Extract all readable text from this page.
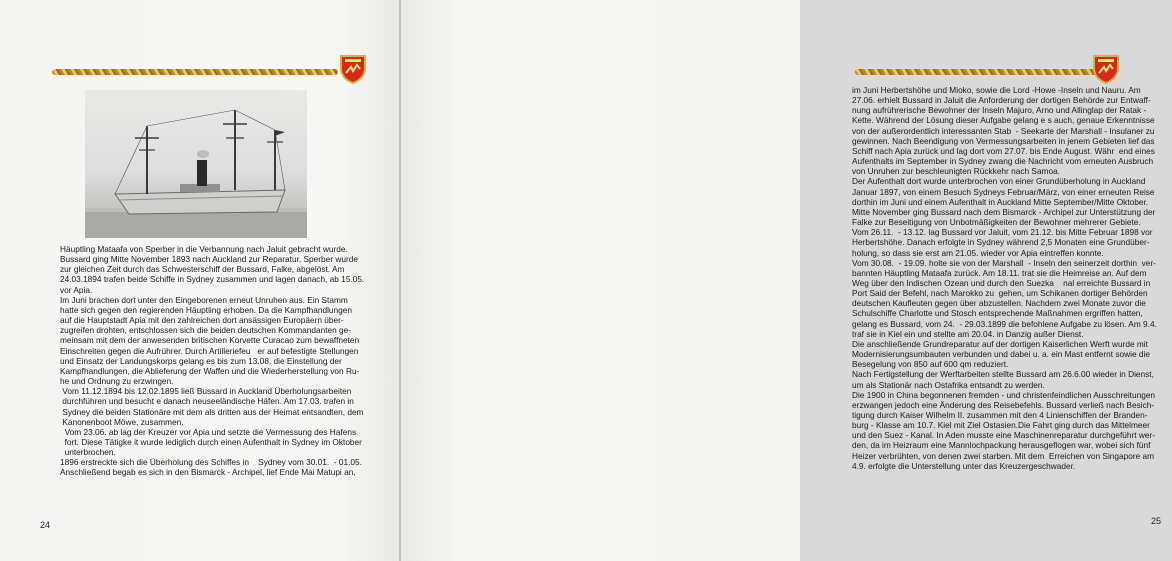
Häuptling Mataafa von Sperber in die Verbannung nach Jaluit gebracht wurde.
Bussard ging Mitte November 1893 nach Auckland zur Reparatur, Sperber wurde
zur gleichen Zeit durch das Schwesterschiff der Bussard, Falke, abgelöst. Am
24.03.1894 trafen beide Schiffe in Sydney zusammen und lagen danach, ab 15.05.
vor Apia.
Im Juni brachen dort unter den Eingeborenen erneut Unruhen aus. Ein Stamm
hatte sich gegen den regierenden Häuptling erhoben. Da die Kampfhandlungen
auf die Hauptstadt Apia mit den zahlreichen dort ansässigen Europäern über-
zugreifen drohten, entschlossen sich die beiden deutschen Kommandanten ge-
meinsam mit dem der anwesenden britischen Korvette Curacao zum bewaffneten
Einschreiten gegen die Aufrührer. Durch Artilleriefeu   er auf befestigte Stellungen
und Einsatz der Landungskorps gelang es bis zum 13.08. die Einstellung der
Kampfhandlungen, die Ablieferung der Waffen und die Wiederherstellung von Ru-
he und Ordnung zu erzwingen.
Vom 11.12.1894 bis 12.02.1895 ließ Bussard in Auckland Überholungsarbeiten
durchführen und besucht e danach neuseeländische Häfen. Am 17.03. trafen in
Sydney die beiden Stationäre mit dem als dritten aus der Heimat entsandten, dem
Kanonenboot Möwe, zusammen.
Vom 23.06. ab lag der Kreuzer vor Apia und setzte die Vermessung des Hafens
fort. Diese Tätigke it wurde lediglich durch einen Aufenthalt in Sydney im Oktober
unterbrochen.
1896 erstreckte sich die Überholung des Schiffes in    Sydney vom 30.01.  - 01.05.
Anschließend begab es sich in den Bismarck - Archipel, lief Ende Mai Matupi an,
24
im Juni Herbertshöhe und Mioko, sowie die Lord -Howe -Inseln und Nauru. Am
27.06. erhielt Bussard in Jaluit die Anforderung der dortigen Behörde zur Entwaff-
nung aufrührerische Bewohner der Inseln Majuro, Arno und Allinglap der Ratak -
Kette. Während der Lösung dieser Aufgabe gelang e s auch, genaue Erkenntnisse
von der außerordentlich interessanten Stab  - Seekarte der Marshall - Insulaner zu
gewinnen. Nach Beendigung von Vermessungsarbeiten in jenem Gebieten lief das
Schiff nach Apia zurück und lag dort vom 27.07. bis Ende August. Währ  end eines
Aufenthalts im September in Sydney zwang die Nachricht vom erneuten Ausbruch
von Unruhen zur beschleunigten Rückkehr nach Samoa.
Der Aufenthalt dort wurde unterbrochen von einer Grundüberholung in Auckland
Januar 1897, von einem Besuch Sydneys Februar/März, von einer erneuten Reise
dorthin im Juni und einem Aufenthalt in Auckland Mitte September/Mitte Oktober.
Mitte November ging Bussard nach dem Bismarck - Archipel zur Unterstützung der
Falke zur Beseitigung von Unbotmäßigkeiten der Bewohner mehrerer Gebiete.
Vom 26.11.  - 13.12. lag Bussard vor Jaluit, vom 21.12. bis Mitte Februar 1898 vor
Herbertshöhe. Danach erfolgte in Sydney während 2,5 Monaten eine Grundüber-
holung, so dass sie erst am 21.05. wieder vor Apia eintreffen konnte.
Vom 30.08.  - 19.09. holte sie von der Marshall  - Inseln den seinerzeit dorthin  ver-
bannten Häuptling Mataafa zurück. Am 18.11. trat sie die Heimreise an. Auf dem
Weg über den Indischen Ozean und durch den Suezka    nal erreichte Bussard in
Port Said der Befehl, nach Marokko zu  gehen, um Schikanen dortiger Behörden
deutschen Kaufleuten gegen über abzustellen. Nachdem zwei Monate zuvor die
Schulschiffe Charlotte und Stosch entsprechende Maßnahmen ergriffen hatten,
gelang es Bussard, vom 24.  - 29.03.1899 die befohlene Aufgabe zu lösen. Am 9.4.
traf sie in Kiel ein und stellte am 20.04. in Danzig außer Dienst.
Die anschließende Grundreparatur auf der dortigen Kaiserlichen Werft wurde mit
Modernisierungsumbauten verbunden und dabei u. a. ein Mast entfernt sowie die
Besegelung von 850 auf 600 qm reduziert.
Nach Fertigstellung der Werftarbeiten stellte Bussard am 26.6.00 wieder in Dienst,
um als Stationär nach Ostafrika entsandt zu werden.
Die 1900 in China begonnenen fremden - und christenfeindlichen Ausschreitungen
erzwangen jedoch eine Änderung des Reisebefehls. Bussard verließ nach Besich-
tigung durch Kaiser Wilhelm II. zusammen mit den 4 Linienschiffen der Branden-
burg - Klasse am 10.7. Kiel mit Ziel Ostasien.Die Fahrt ging durch das Mittelmeer
und den Suez - Kanal. In Aden musste eine Maschinenreparatur durchgeführt wer-
den, da im Heizraum eine Mannlochpackung herausgeflogen war, wobei sich fünf
Heizer verbrühten, von denen zwei starben. Mit dem  Erreichen von Singapore am
4.9. erfolgte die Unterstellung unter das Kreuzergeschwader.
25
